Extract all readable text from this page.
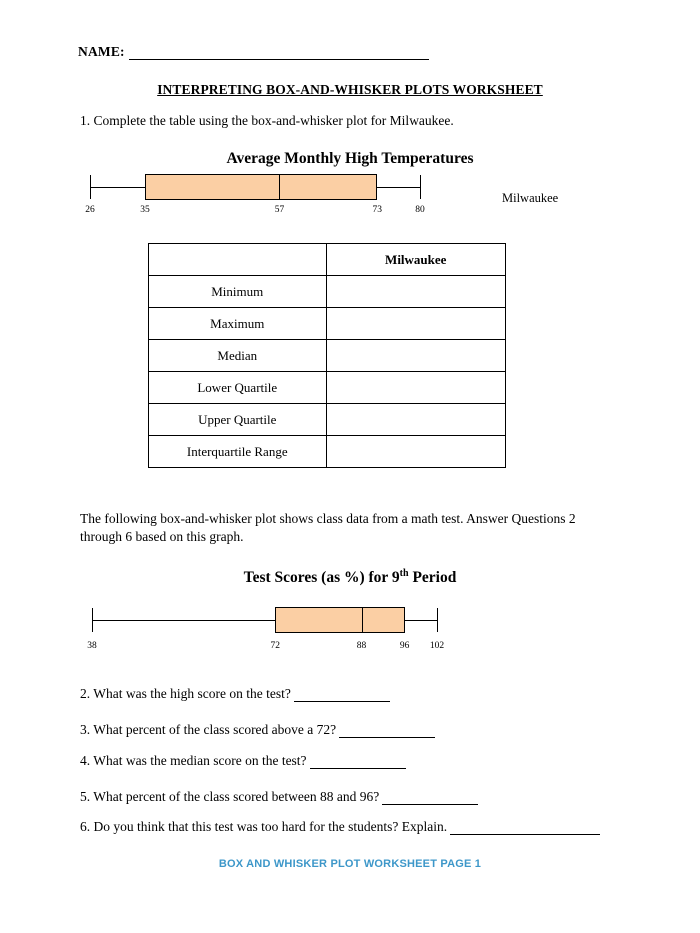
NAME:
INTERPRETING BOX-AND-WHISKER PLOTS WORKSHEET
1. Complete the table using the box-and-whisker plot for Milwaukee.
Average Monthly High Temperatures
26	35	57	73	80
Milwaukee
	Milwaukee
Minimum	
Maximum	
Median	
Lower Quartile	
Upper Quartile	
Interquartile Range	
The following box-and-whisker plot shows class data from a math test. Answer Questions 2 through 6 based on this graph.
Test Scores (as %) for 9th Period
38	72	88	96 102
2. What was the high score on the test?
3. What percent of the class scored above a 72?
4. What was the median score on the test?
5. What percent of the class scored between 88 and 96?
6. Do you think that this test was too hard for the students? Explain.
BOX AND WHISKER PLOT WORKSHEET PAGE 1
